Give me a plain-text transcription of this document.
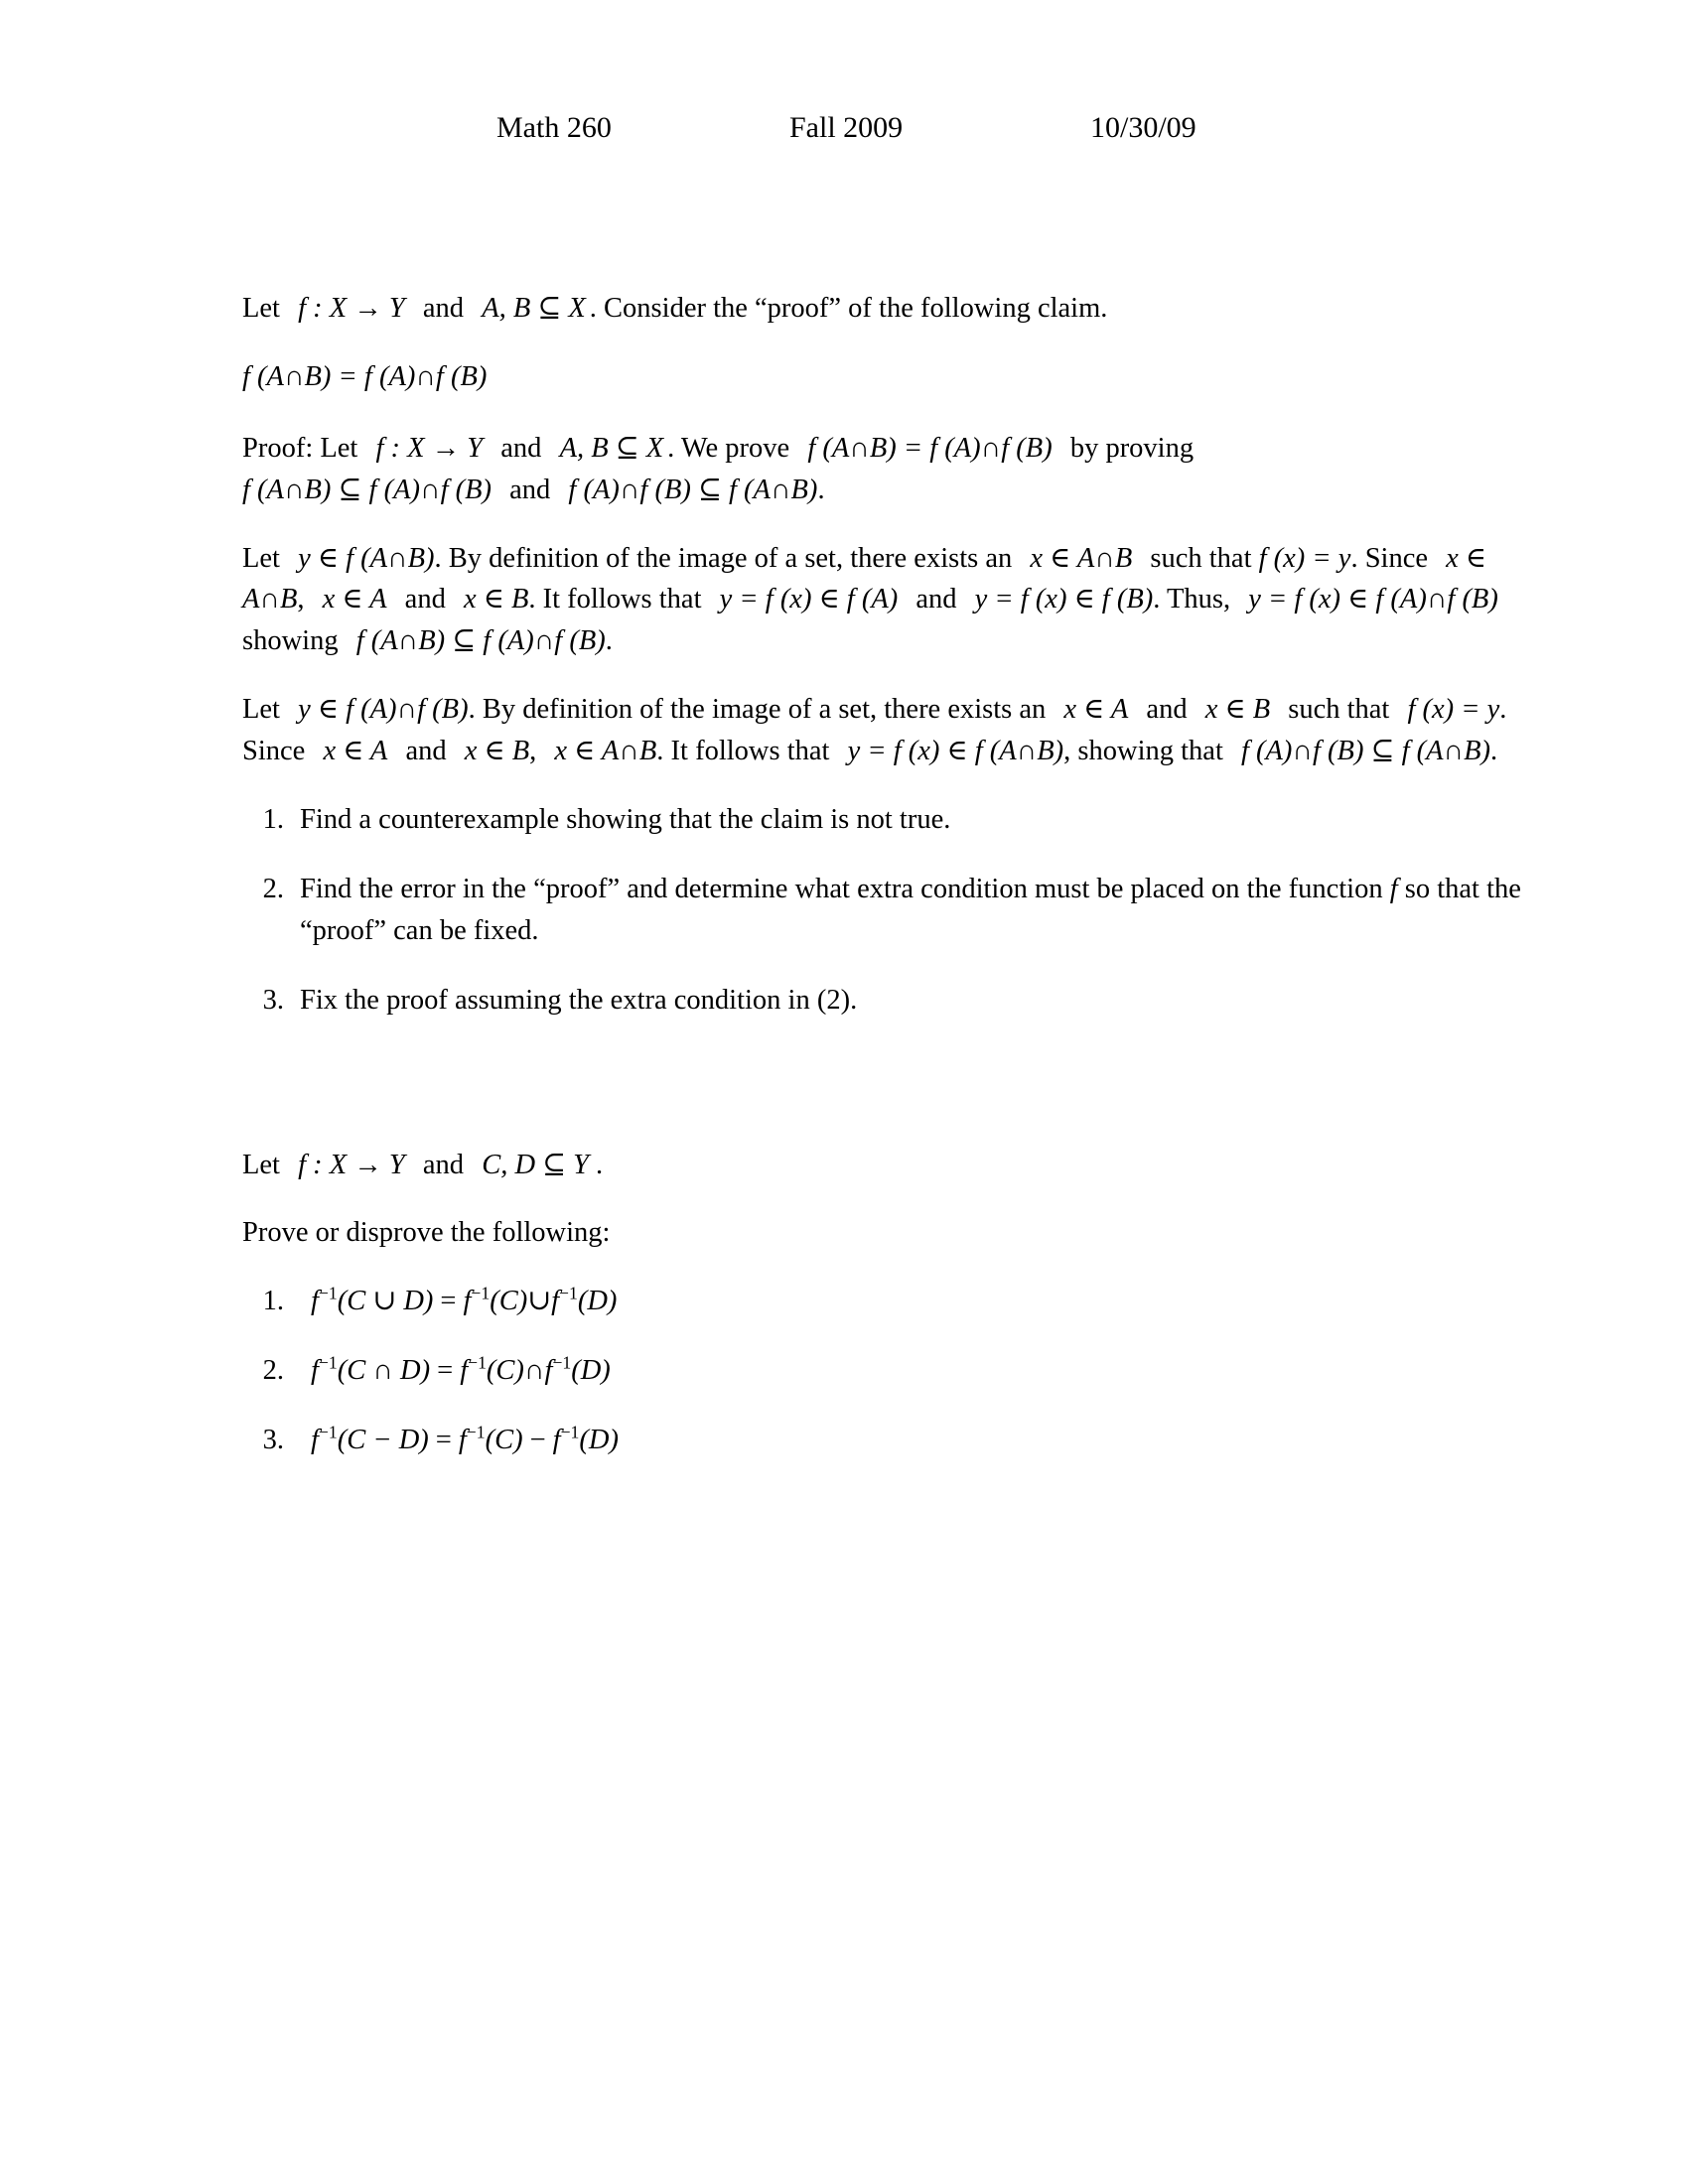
Math 260	Fall 2009	10/30/09

Let f : X → Y and A, B ⊆ X . Consider the “proof” of the following claim.

f (A∩B) = f (A)∩f (B)

Proof: Let f : X → Y and A, B ⊆ X . We prove f (A∩B) = f (A)∩f (B) by proving
f (A∩B) ⊆ f (A)∩f (B) and f (A)∩f (B) ⊆ f (A∩B).

Let y ∈ f (A∩B). By definition of the image of a set, there exists an x ∈ A∩B such that f (x) = y. Since x ∈ A∩B, x ∈ A and x ∈ B. It follows that y = f (x) ∈ f (A) and y = f (x) ∈ f (B). Thus, y = f (x) ∈ f (A)∩f (B) showing f (A∩B) ⊆ f (A)∩f (B).

Let y ∈ f (A)∩f (B). By definition of the image of a set, there exists an x ∈ A and x ∈ B such that f (x) = y. Since x ∈ A and x ∈ B, x ∈ A∩B. It follows that y = f (x) ∈ f (A∩B), showing that f (A)∩f (B) ⊆ f (A∩B).

1. Find a counterexample showing that the claim is not true.
2. Find the error in the “proof” and determine what extra condition must be placed on the function f so that the “proof” can be fixed.
3. Fix the proof assuming the extra condition in (2).

Let f : X → Y and C, D ⊆ Y .

Prove or disprove the following:

1. $f^{-1}(C$ ∪ $D) = f^{-1}(C)\cup f^{-1}(D)$
2. $f^{-1}(C$ ∩ $D) = f^{-1}(C)\cap f^{-1}(D)$
3. $f^{-1}(C - D) = f^{-1}(C) - f^{-1}(D)$
